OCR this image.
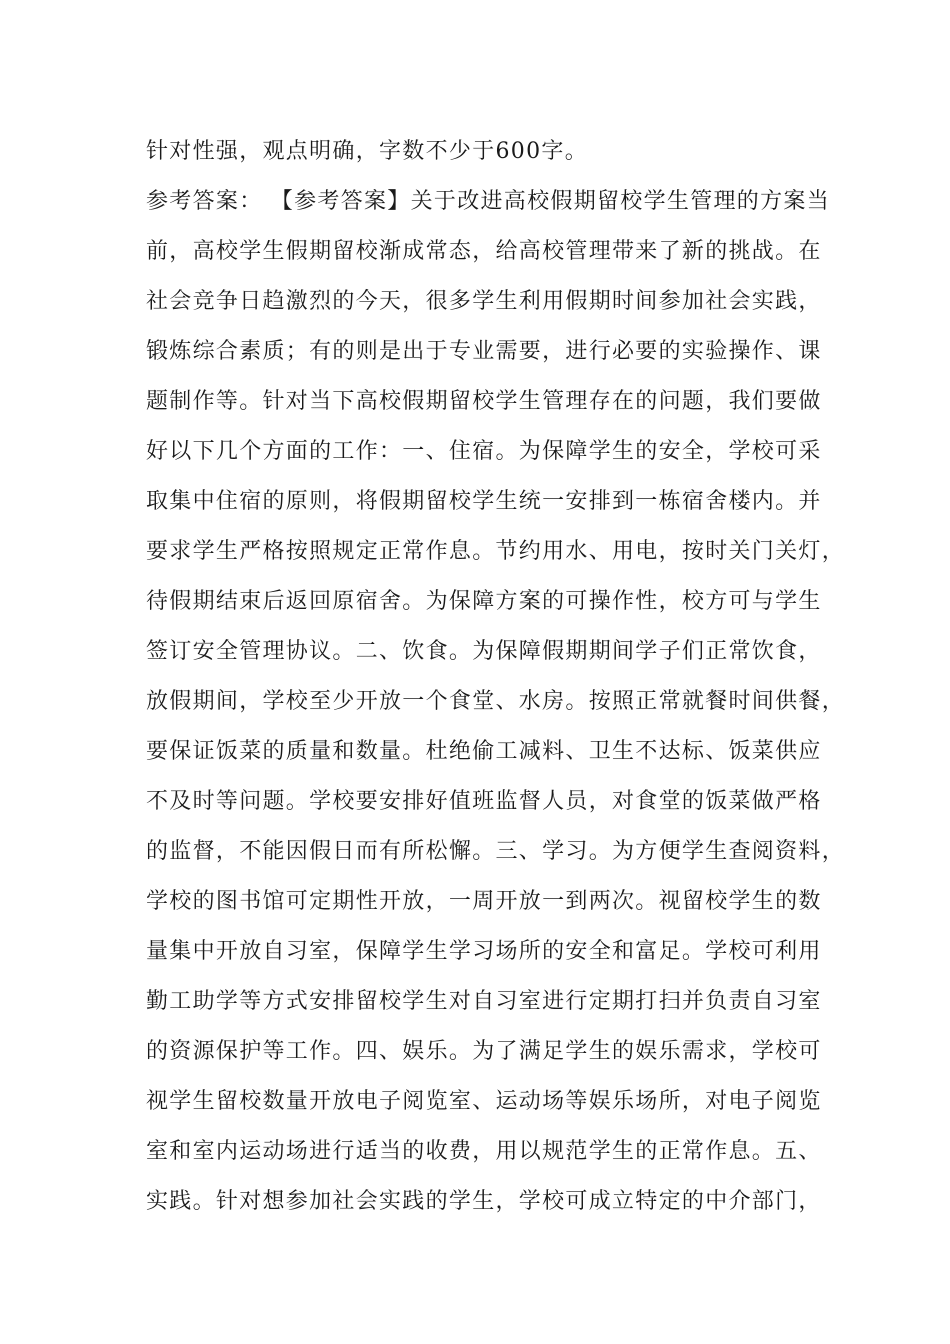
针对性强，观点明确，字数不少于600字。
参考答案： 【参考答案】关于改进高校假期留校学生管理的方案当
前，高校学生假期留校渐成常态，给高校管理带来了新的挑战。在
社会竞争日趋激烈的今天，很多学生利用假期时间参加社会实践，
锻炼综合素质；有的则是出于专业需要，进行必要的实验操作、课
题制作等。针对当下高校假期留校学生管理存在的问题，我们要做
好以下几个方面的工作：一、住宿。为保障学生的安全，学校可采
取集中住宿的原则，将假期留校学生统一安排到一栋宿舍楼内。并
要求学生严格按照规定正常作息。节约用水、用电，按时关门关灯，
待假期结束后返回原宿舍。为保障方案的可操作性，校方可与学生
签订安全管理协议。二、饮食。为保障假期期间学子们正常饮食，
放假期间，学校至少开放一个食堂、水房。按照正常就餐时间供餐，
要保证饭菜的质量和数量。杜绝偷工减料、卫生不达标、饭菜供应
不及时等问题。学校要安排好值班监督人员，对食堂的饭菜做严格
的监督，不能因假日而有所松懈。三、学习。为方便学生查阅资料，
学校的图书馆可定期性开放，一周开放一到两次。视留校学生的数
量集中开放自习室，保障学生学习场所的安全和富足。学校可利用
勤工助学等方式安排留校学生对自习室进行定期打扫并负责自习室
的资源保护等工作。四、娱乐。为了满足学生的娱乐需求，学校可
视学生留校数量开放电子阅览室、运动场等娱乐场所，对电子阅览
室和室内运动场进行适当的收费，用以规范学生的正常作息。五、
实践。针对想参加社会实践的学生，学校可成立特定的中介部门，
